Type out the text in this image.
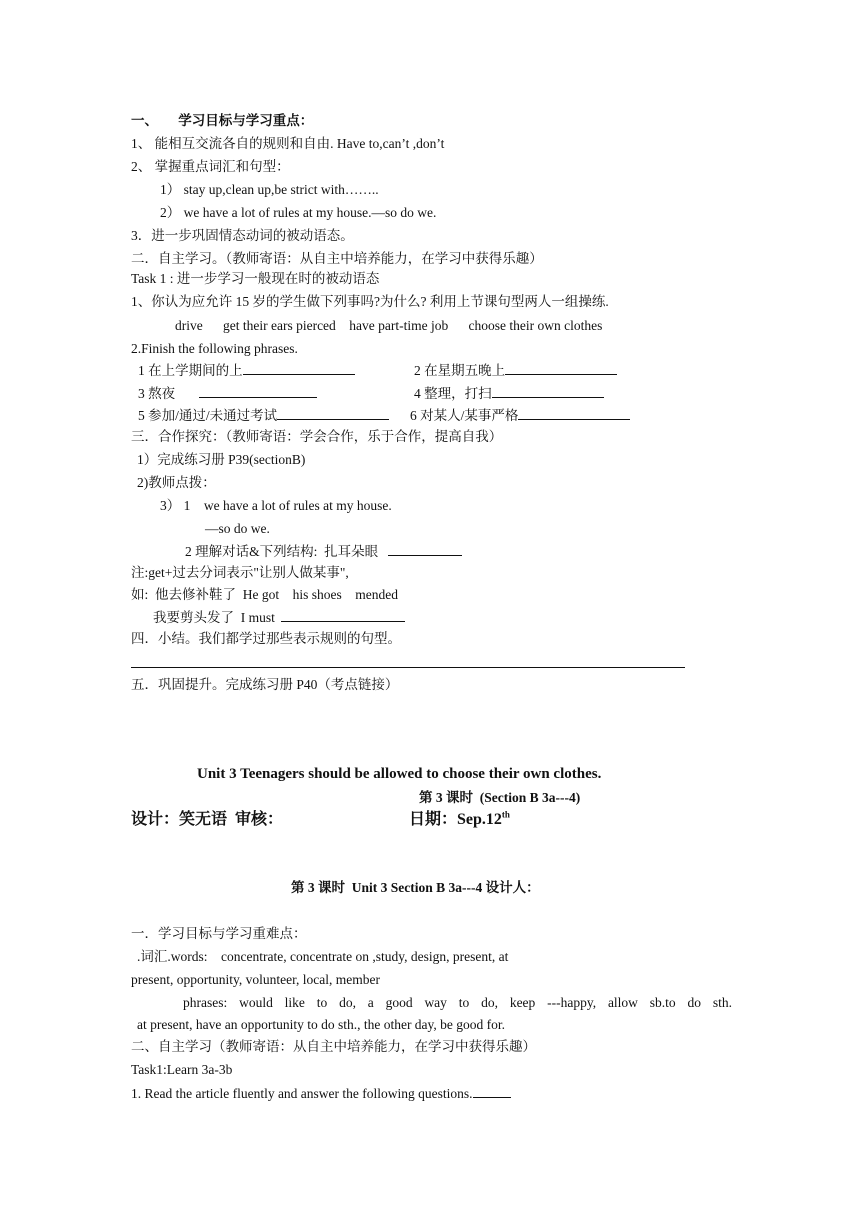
一、      学习目标与学习重点：
1、 能相互交流各自的规则和自由. Have to,can’t ,don’t
2、 掌握重点词汇和句型：
1） stay up,clean up,be strict with……..
2） we have a lot of rules at my house.—so do we.
3．进一步巩固情态动词的被动语态。
二．自主学习。（教师寄语：从自主中培养能力，在学习中获得乐趣）
Task 1 : 进一步学习一般现在时的被动语态
1、你认为应允许 15 岁的学生做下列事吗?为什么? 利用上节课句型两人一组操练.
drive      get their ears pierced    have part-time job      choose their own clothes
2.Finish the following phrases.
1 在上学期间的上	2 在星期五晚上
3 熬夜	4 整理，打扫
5 参加/通过/未通过考试	6 对某人/某事严格
三．合作探究：（教师寄语：学会合作，乐于合作，提高自我）
1）完成练习册 P39(sectionB)
2)教师点拨：
3） 1    we have a lot of rules at my house.
—so do we.
2 理解对话&下列结构:  扎耳朵眼
注:get+过去分词表示"让别人做某事",
如:  他去修补鞋了  He got    his shoes    mended
我要剪头发了  I must
四．小结。我们都学过那些表示规则的句型。
五．巩固提升。完成练习册 P40（考点链接）
Unit 3 Teenagers should be allowed to choose their own clothes.
第 3 课时  (Section B 3a---4)
设计：笑无语  审核：	日期：Sep.12th
第 3 课时  Unit 3 Section B 3a---4 设计人：
一．学习目标与学习重难点：
.词汇.words:    concentrate, concentrate on ,study, design, present, at
present, opportunity, volunteer, local, member
phrases: would like to do, a good way to do, keep ---happy, allow sb.to do sth.
at present, have an opportunity to do sth., the other day, be good for.
二、自主学习（教师寄语：从自主中培养能力，在学习中获得乐趣）
Task1:Learn 3a-3b
1. Read the article fluently and answer the following questions.
